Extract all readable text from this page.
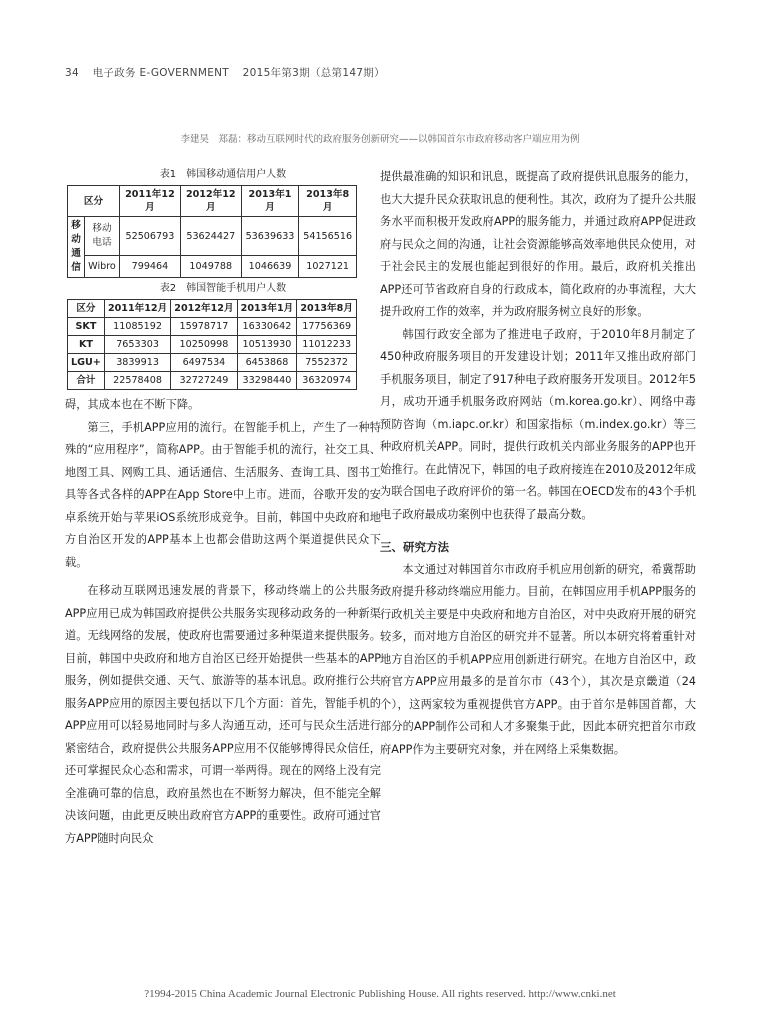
34 电子政务 E-GOVERNMENT 2015年第3期（总第147期）
李建昊　郑磊：移动互联网时代的政府服务创新研究——以韩国首尔市政府移动客户端应用为例
表1　韩国移动通信用户人数
区分		2011年12月	2012年12月	2013年1月	2013年8月
移动通信	移动电话	52506793	53624427	53639633	54156516
	Wibro	799464	1049788	1046639	1027121
表2　韩国智能手机用户人数
区分	2011年12月	2012年12月	2013年1月	2013年8月
SKT	11085192	15978717	16330642	17756369
KT	7653303	10250998	10513930	11012233
LGU+	3839913	6497534	6453868	7552372
合计	22578408	32727249	33298440	36320974

碍，其成本也在不断下降。

第三，手机APP应用的流行。在智能手机上，产生了一种特殊的“应用程序”，简称APP。由于智能手机的流行，社交工具、地图工具、网购工具、通话通信、生活服务、查询工具、图书工具等各式各样的APP在App Store中上市。进而，谷歌开发的安卓系统开始与苹果iOS系统形成竞争。目前，韩国中央政府和地方自治区开发的APP基本上也都会借助这两个渠道提供民众下载。

在移动互联网迅速发展的背景下，移动终端上的公共服务APP应用已成为韩国政府提供公共服务实现移动政务的一种新渠道。无线网络的发展，使政府也需要通过多种渠道来提供服务。目前，韩国中央政府和地方自治区已经开始提供一些基本的APP服务，例如提供交通、天气、旅游等的基本讯息。政府推行公共服务APP应用的原因主要包括以下几个方面：首先，智能手机的APP应用可以轻易地同时与多人沟通互动，还可与民众生活进行紧密结合，政府提供公共服务APP应用不仅能够博得民众信任，还可掌握民众心态和需求，可谓一举两得。现在的网络上没有完全准确可靠的信息，政府虽然也在不断努力解决，但不能完全解决该问题，由此更反映出政府官方APP的重要性。政府可通过官方APP随时向民众

提供最准确的知识和讯息，既提高了政府提供讯息服务的能力，也大大提升民众获取讯息的便利性。其次，政府为了提升公共服务水平而积极开发政府APP的服务能力，并通过政府APP促进政府与民众之间的沟通，让社会资源能够高效率地供民众使用，对于社会民主的发展也能起到很好的作用。最后，政府机关推出APP还可节省政府自身的行政成本，简化政府的办事流程，大大提升政府工作的效率，并为政府服务树立良好的形象。

韩国行政安全部为了推进电子政府，于2010年8月制定了450种政府服务项目的开发建设计划；2011年又推出政府部门手机服务项目，制定了917种电子政府服务开发项目。2012年5月，成功开通手机服务政府网站（m.korea.go.kr）、网络中毒预防咨询（m.iapc.or.kr）和国家指标（m.index.go.kr）等三种政府机关APP。同时，提供行政机关内部业务服务的APP也开始推行。在此情况下，韩国的电子政府接连在2010及2012年成为联合国电子政府评价的第一名。韩国在OECD发布的43个手机电子政府最成功案例中也获得了最高分数。

三、研究方法

本文通过对韩国首尔市政府手机应用创新的研究，希冀帮助政府提升移动终端应用能力。目前，在韩国应用手机APP服务的行政机关主要是中央政府和地方自治区，对中央政府开展的研究较多，而对地方自治区的研究并不显著。所以本研究将着重针对地方自治区的手机APP应用创新进行研究。在地方自治区中，政府官方APP应用最多的是首尔市（43个），其次是京畿道（24个），这两家较为重视提供官方APP。由于首尔是韩国首都，大部分的APP制作公司和人才多聚集于此，因此本研究把首尔市政府APP作为主要研究对象，并在网络上采集数据。

?1994-2015 China Academic Journal Electronic Publishing House. All rights reserved. http://www.cnki.net
